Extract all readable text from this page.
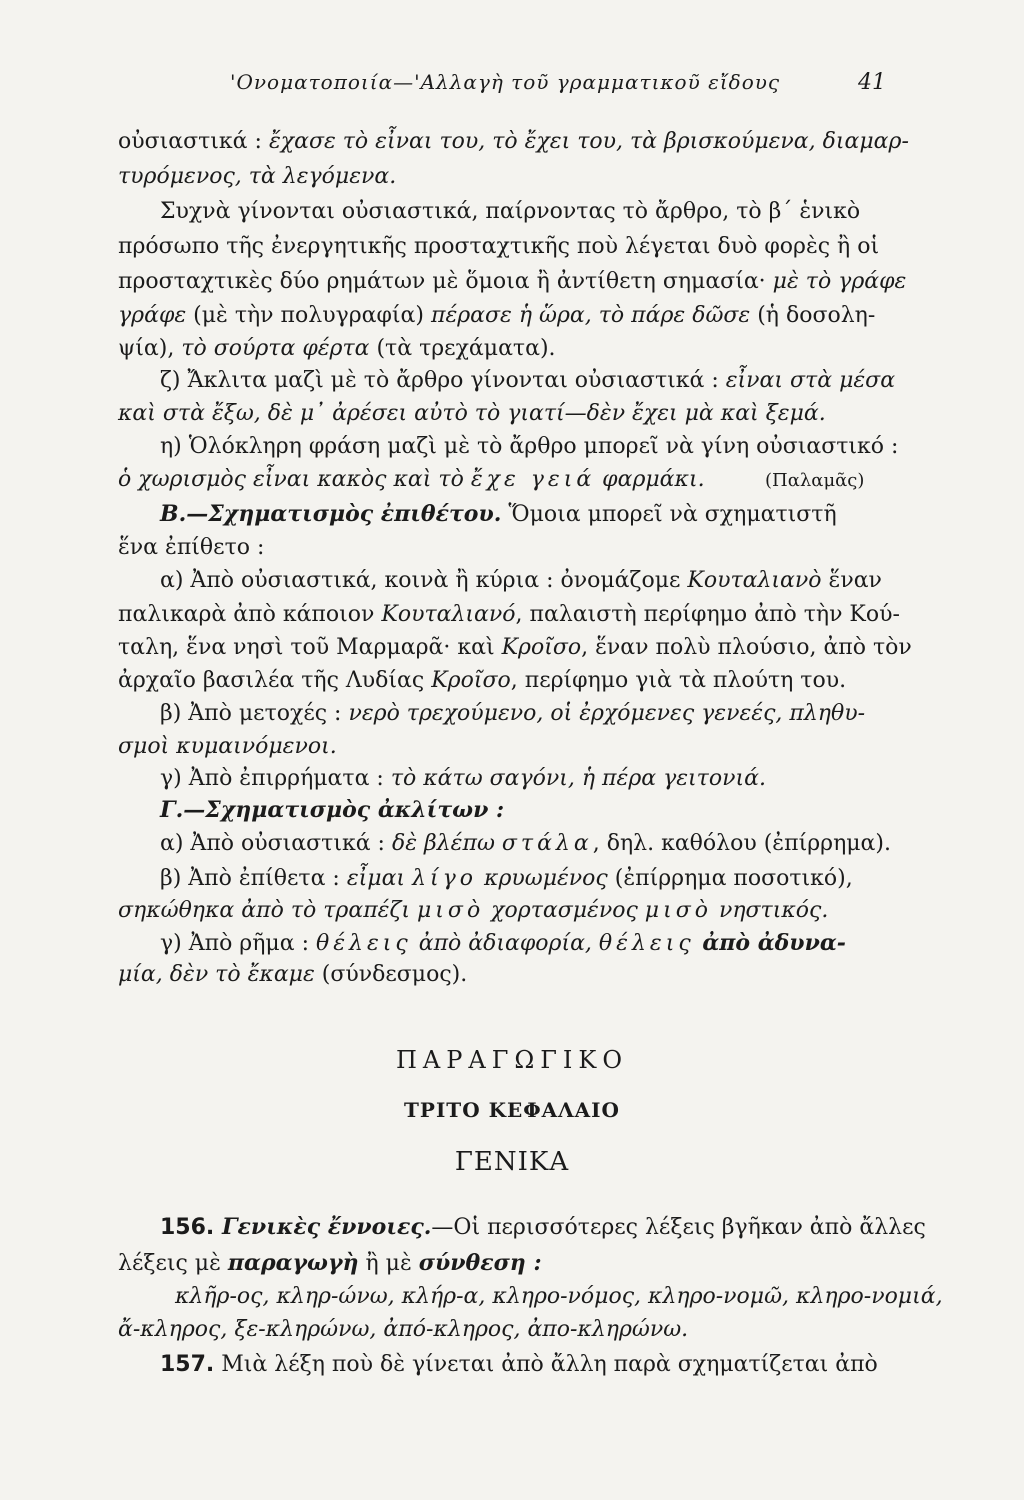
'Ονοματοποιία—'Αλλαγὴ τοῦ γραμματικοῦ εἴδους	41
οὐσιαστικά : ἔχασε τὸ εἶναι του, τὸ ἔχει του, τὰ βρισκούμενα, διαμαρ-
τυρόμενος, τὰ λεγόμενα.
Συχνὰ γίνονται οὐσιαστικά, παίρνοντας τὸ ἄρθρο, τὸ β΄ ἑνικὸ
πρόσωπο τῆς ἐνεργητικῆς προσταχτικῆς ποὺ λέγεται δυὸ φορὲς ἢ οἱ
προσταχτικὲς δύο ρημάτων μὲ ὅμοια ἢ ἀντίθετη σημασία· μὲ τὸ γράφε
γράφε (μὲ τὴν πολυγραφία) πέρασε ἡ ὥρα, τὸ πάρε δῶσε (ἡ δοσολη-
ψία), τὸ σούρτα φέρτα (τὰ τρεχάματα).
ζ) Ἄκλιτα μαζὶ μὲ τὸ ἄρθρο γίνονται οὐσιαστικά : εἶναι στὰ μέσα
καὶ στὰ ἔξω, δὲ μ᾽ ἀρέσει αὐτὸ τὸ γιατί—δὲν ἔχει μὰ καὶ ξεμά.
η) Ὁλόκληρη φράση μαζὶ μὲ τὸ ἄρθρο μπορεῖ νὰ γίνη οὐσιαστικό :
ὁ χωρισμὸς εἶναι κακὸς καὶ τὸ ἔχε γειά φαρμάκι.	(Παλαμᾶς)
Β.—Σχηματισμὸς ἐπιθέτου. Ὅμοια μπορεῖ νὰ σχηματιστῆ
ἕνα ἐπίθετο :
α) Ἀπὸ οὐσιαστικά, κοινὰ ἢ κύρια : ὀνομάζομε Κουταλιανὸ ἕναν
παλικαρὰ ἀπὸ κάποιον Κουταλιανό, παλαιστὴ περίφημο ἀπὸ τὴν Κού-
ταλη, ἕνα νησὶ τοῦ Μαρμαρᾶ· καὶ Κροῖσο, ἕναν πολὺ πλούσιο, ἀπὸ τὸν
ἀρχαῖο βασιλέα τῆς Λυδίας Κροῖσο, περίφημο γιὰ τὰ πλούτη του.
β) Ἀπὸ μετοχές : νερὸ τρεχούμενο, οἱ ἐρχόμενες γενεές, πληθυ-
σμοὶ κυμαινόμενοι.
γ) Ἀπὸ ἐπιρρήματα : τὸ κάτω σαγόνι, ἡ πέρα γειτονιά.
Γ.—Σχηματισμὸς ἀκλίτων :
α) Ἀπὸ οὐσιαστικά : δὲ βλέπω στάλα, δηλ. καθόλου (ἐπίρρημα).
β) Ἀπὸ ἐπίθετα : εἶμαι λίγο κρυωμένος (ἐπίρρημα ποσοτικό),
σηκώθηκα ἀπὸ τὸ τραπέζι μισὸ χορτασμένος μισὸ νηστικός.
γ) Ἀπὸ ρῆμα : θέλεις ἀπὸ ἀδιαφορία, θέλεις ἀπὸ ἀδυνα-
μία, δὲν τὸ ἔκαμε (σύνδεσμος).
ΠΑΡΑΓΩΓΙΚΟ
ΤΡΙΤΟ ΚΕΦΑΛΑΙΟ
ΓΕΝΙΚΑ
156. Γενικὲς ἔννοιες.—Οἱ περισσότερες λέξεις βγῆκαν ἀπὸ ἄλλες
λέξεις μὲ παραγωγὴ ἢ μὲ σύνθεση :
κλῆρ-ος, κληρ-ώνω, κλήρ-α, κληρο-νόμος, κληρο-νομῶ, κληρο-νομιά,
ἄ-κληρος, ξε-κληρώνω, ἀπό-κληρος, ἀπο-κληρώνω.
157. Μιὰ λέξη ποὺ δὲ γίνεται ἀπὸ ἄλλη παρὰ σχηματίζεται ἀπὸ
